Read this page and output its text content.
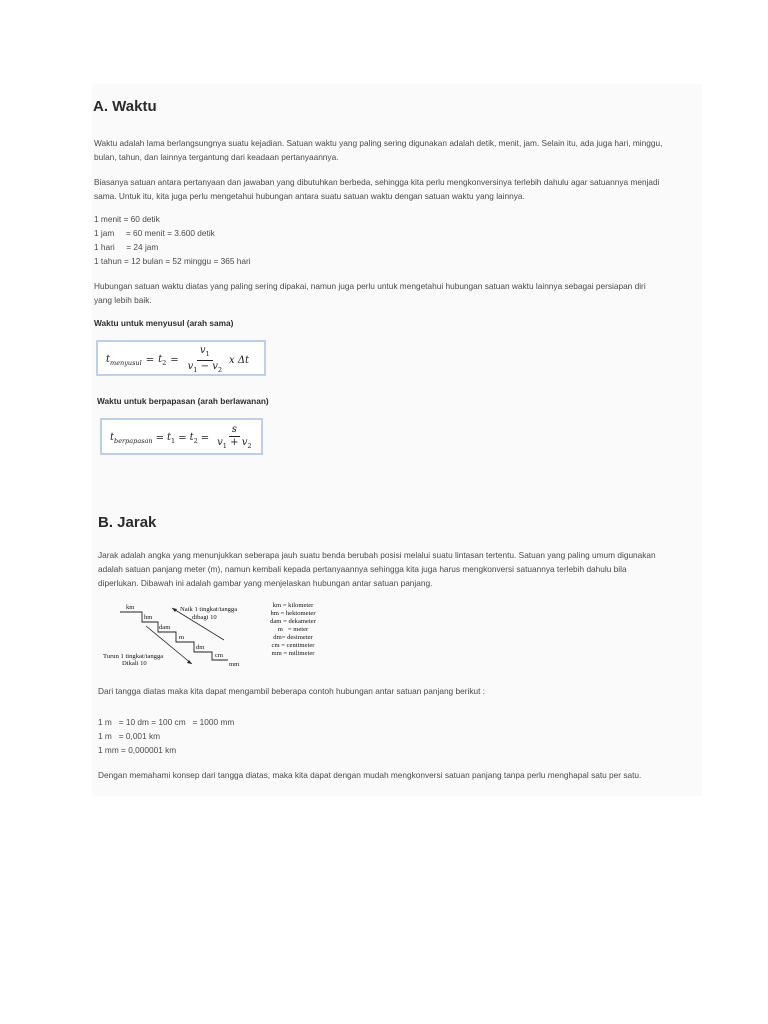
A. Waktu

Waktu adalah lama berlangsungnya suatu kejadian. Satuan waktu yang paling sering digunakan adalah detik, menit, jam. Selain itu, ada juga hari, minggu,

bulan, tahun, dan lainnya tergantung dari keadaan pertanyaannya.

Biasanya satuan antara pertanyaan dan jawaban yang dibutuhkan berbeda, sehingga kita perlu mengkonversinya terlebih dahulu agar satuannya menjadi

sama. Untuk itu, kita juga perlu mengetahui hubungan antara suatu satuan waktu dengan satuan waktu yang lainnya.

1 menit = 60 detik
1 jam     = 60 menit = 3.600 detik
1 hari     = 24 jam
1 tahun = 12 bulan = 52 minggu = 365 hari

Hubungan satuan waktu diatas yang paling sering dipakai, namun juga perlu untuk mengetahui hubungan satuan waktu lainnya sebagai persiapan diri

yang lebih baik.

Waktu untuk menyusul (arah sama)
$t_{menyusul} = t_2 = \frac{v_1}{v_1 - v_2}$ x Δt
Waktu untuk berpapasan (arah berlawanan)
$t_{berpapasan} = t_1 = t_2 = \frac{s}{v_1 + v_2}$
B. Jarak

Jarak adalah angka yang menunjukkan seberapa jauh suatu benda berubah posisi melalui suatu lintasan tertentu. Satuan yang paling umum digunakan

adalah satuan panjang meter (m), namun kembali kepada pertanyaannya sehingga kita juga harus mengkonversi satuannya terlebih dahulu bila

diperlukan. Dibawah ini adalah gambar yang menjelaskan hubungan antar satuan panjang.

km
hm
dam
m
dm
cm
mm
Naik 1 tingkat/tangga
dibagi 10
Turun 1 tingkat/tangga
Dikali 10
km = kilometer
hm = hektometer
dam = dekameter
m   = meter
dm= desimeter
cm = centimeter
mm = milimeter

Dari tangga diatas maka kita dapat mengambil beberapa contoh hubungan antar satuan panjang berikut :

1 m   = 10 dm = 100 cm   = 1000 mm
1 m   = 0,001 km
1 mm = 0,000001 km

Dengan memahami konsep dari tangga diatas, maka kita dapat dengan mudah mengkonversi satuan panjang tanpa perlu menghapal satu per satu.
